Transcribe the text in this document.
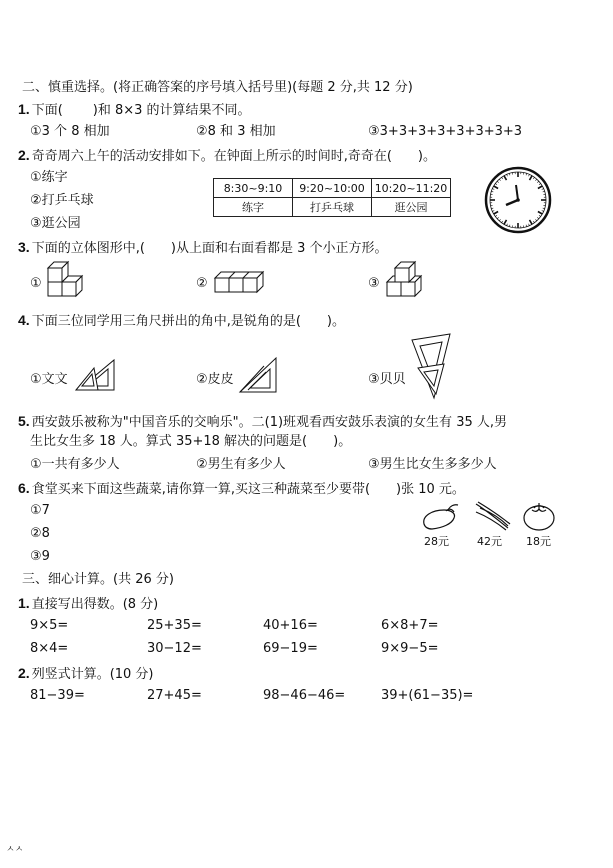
二、慎重选择。(将正确答案的序号填入括号里)(每题 2 分,共 12 分)
1. 下面( )和 8×3 的计算结果不同。
①3 个 8 相加	②8 和 3 相加	③3+3+3+3+3+3+3+3
2. 奇奇周六上午的活动安排如下。在钟面上所示的时间时,奇奇在(　　)。
①练字
②打乒乓球
③逛公园
8:30~9:10	9:20~10:00	10:20~11:20
练字	打乒乓球	逛公园
3. 下面的立体图形中,(　　)从上面和右面看都是 3 个小正方形。
①	②	③
4. 下面三位同学用三角尺拼出的角中,是锐角的是(　　)。
①文文	②皮皮	③贝贝
5. 西安鼓乐被称为"中国音乐的交响乐"。二(1)班观看西安鼓乐表演的女生有 35 人,男
生比女生多 18 人。算式 35+18 解决的问题是(　　)。
①一共有多少人	②男生有多少人	③男生比女生多多少人
6. 食堂买来下面这些蔬菜,请你算一算,买这三种蔬菜至少要带(　　)张 10 元。
①7
②8
③9
28元	42元 18元
三、细心计算。(共 26 分)
1. 直接写出得数。(8 分)
9×5=	25+35=	40+16=	6×8+7=
8×4=	30−12=	69−19=	9×9−5=
2. 列竖式计算。(10 分)
81−39=	27+45=	98−46−46=	39+(61−35)=
ㅅㅅ
